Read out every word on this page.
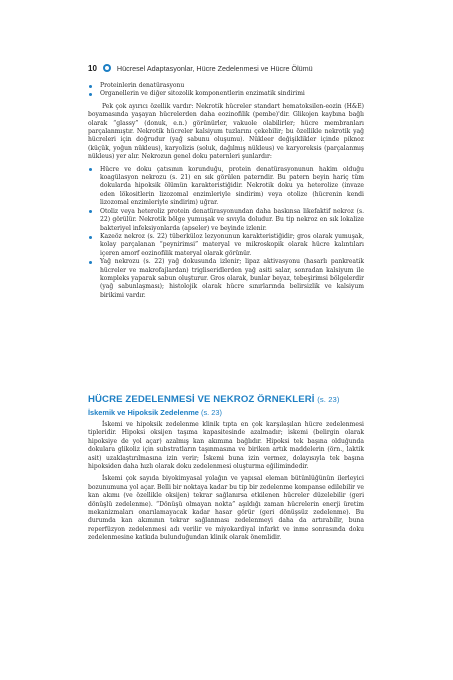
10	Hücresel Adaptasyonlar, Hücre Zedelenmesi ve Hücre Ölümü
Proteinlerin denatürasyonu
Organellerin ve diğer sitozolik komponentlerin enzimatik sindirimi

Pek çok ayırıcı özellik vardır: Nekrotik hücreler standart hematoksilen-eozin (H&E) boyamasında yaşayan hücrelerden daha eozinofilik (pembe)'dir. Glikojen kaybına bağlı olarak “glassy” (donuk, e.n.) görünürler, vakuole olabilirler; hücre membranları parçalanmıştır. Nekrotik hücreler kalsiyum tuzlarını çekebilir; bu özellikle nekrotik yağ hücreleri için doğrudur (yağ sabunu oluşumu). Nükleer değişiklikler içinde piknoz (küçük, yoğun nükleus), karyolizis (soluk, dağılmış nükleus) ve karyoreksis (parçalanmış nükleus) yer alır. Nekrozun genel doku paternleri şunlardır:

Hücre ve doku çatısının korunduğu, protein denatürasyonunun hakim olduğu koagülasyon nekrozu (s. 21) en sık görülen paterndir. Bu patern beyin hariç tüm dokularda hipoksik ölümün karakteristiğidir. Nekrotik doku ya heterolize (invaze eden lökositlerin lizozomal enzimleriyle sindirim) veya otolize (hücrenin kendi lizozomal enzimleriyle sindirim) uğrar.
Otoliz veya heteroliz protein denatürasyonundan daha baskınsa likefaktif nekroz (s. 22) görülür. Nekrotik bölge yumuşak ve sıvıyla doludur. Bu tip nekroz en sık lokalize bakteriyel infeksiyonlarda (apseler) ve beyinde izlenir.
Kazeöz nekroz (s. 22) tüberküloz lezyonunun karakteristiğidir; gros olarak yumuşak, kolay parçalanan “peynirimsi” materyal ve mikroskopik olarak hücre kalıntıları içeren amorf eozinofilik materyal olarak görünür.
Yağ nekrozu (s. 22) yağ dokusunda izlenir; lipaz aktivasyonu (hasarlı pankreatik hücreler ve makrofajlardan) trigliseridlerden yağ asiti salar, sonradan kalsiyum ile kompleks yaparak sabun oluşturur. Gros olarak, bunlar beyaz, tebeşirimsi bölgelerdir (yağ sabunlaşması); histolojik olarak hücre sınırlarında belirsizlik ve kalsiyum birikimi vardır.
HÜCRE ZEDELENMESİ VE NEKROZ ÖRNEKLERİ (s. 23)
İskemik ve Hipoksik Zedelenme (s. 23)

İskemi ve hipoksik zedelenme klinik tıpta en çok karşılaşılan hücre zedelenmesi tipleridir. Hipoksi oksijen taşıma kapasitesinde azalmadır; iskemi (belirgin olarak hipoksiye de yol açar) azalmış kan akımına bağlıdır. Hipoksi tek başına olduğunda dokulara glikoliz için substratların taşınmasına ve biriken artık maddelerin (örn., laktik asit) uzaklaştırılmasına izin verir; İskemi buna izin vermez, dolayısıyla tek başına hipoksiden daha hızlı olarak doku zedelenmesi oluşturma eğilimindedir.

İskemi çok sayıda biyokimyasal yolağın ve yapısal eleman bütünlüğünün ilerleyici bozunumuna yol açar. Belli bir noktaya kadar bu tip bir zedelenme kompanse edilebilir ve kan akımı (ve özellikle oksijen) tekrar sağlanırsa etkilenen hücreler düzelebilir (geri dönüşlü zedelenme). “Dönüşü olmayan nokta” aşıldığı zaman hücrelerin enerji üretim mekanizmaları onarılamayacak kadar hasar görür (geri dönüşsüz zedelenme). Bu durumda kan akımının tekrar sağlanması zedelenmeyi daha da artırabilir, buna reperfüzyon zedelenmesi adı verilir ve miyokardiyal infarkt ve inme sonrasında doku zedelenmesine katkıda bulunduğundan klinik olarak önemlidir.
